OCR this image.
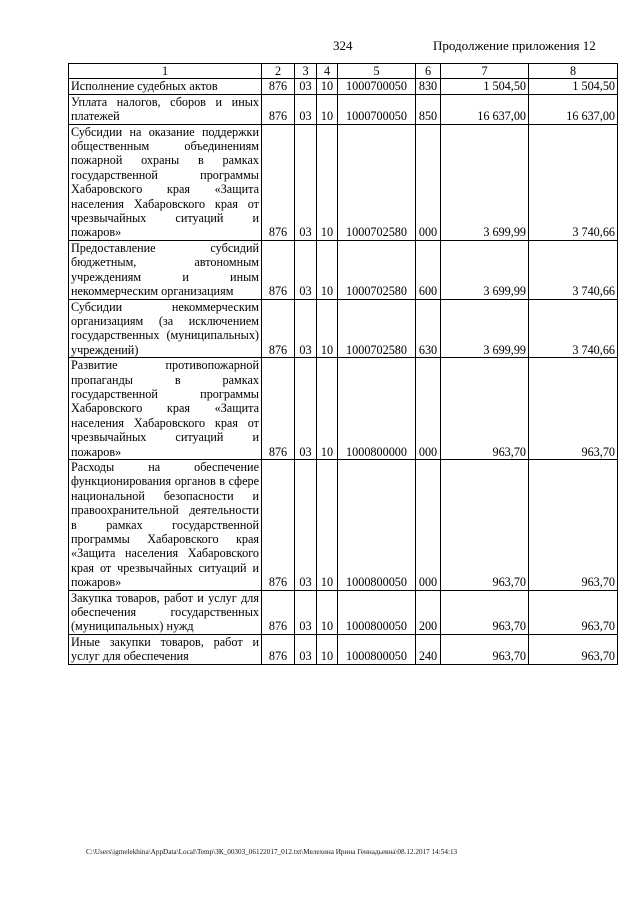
324	Продолжение приложения 12
1	2	3	4	5	6	7	8
Исполнение судебных актов	876	03	10	1000700050	830	1 504,50	1 504,50
Уплата налогов, сборов и иных платежей	876	03	10	1000700050	850	16 637,00	16 637,00
Субсидии на оказание поддержки общественным объединениям пожарной охраны в рамках государственной программы Хабаровского края «Защита населения Хабаровского края от чрезвычайных ситуаций и пожаров»	876	03	10	1000702580	000	3 699,99	3 740,66
Предоставление субсидий бюджетным, автономным учреждениям и иным некоммерческим организациям	876	03	10	1000702580	600	3 699,99	3 740,66
Субсидии некоммерческим организациям (за исключением государственных (муниципальных) учреждений)	876	03	10	1000702580	630	3 699,99	3 740,66
Развитие противопожарной пропаганды в рамках государственной программы Хабаровского края «Защита населения Хабаровского края от чрезвычайных ситуаций и пожаров»	876	03	10	1000800000	000	963,70	963,70
Расходы на обеспечение функционирования органов в сфере национальной безопасности и правоохранительной деятельности в рамках государственной программы Хабаровского края «Защита населения Хабаровского края от чрезвычайных ситуаций и пожаров»	876	03	10	1000800050	000	963,70	963,70
Закупка товаров, работ и услуг для обеспечения государственных (муниципальных) нужд	876	03	10	1000800050	200	963,70	963,70
Иные закупки товаров, работ и услуг для обеспечения	876	03	10	1000800050	240	963,70	963,70
C:\Users\igmelekhina\AppData\Local\Temp\ЗК_00303_06122017_012.txt\Мелехина Ирина Геннадьевна\08.12.2017 14:54:13
